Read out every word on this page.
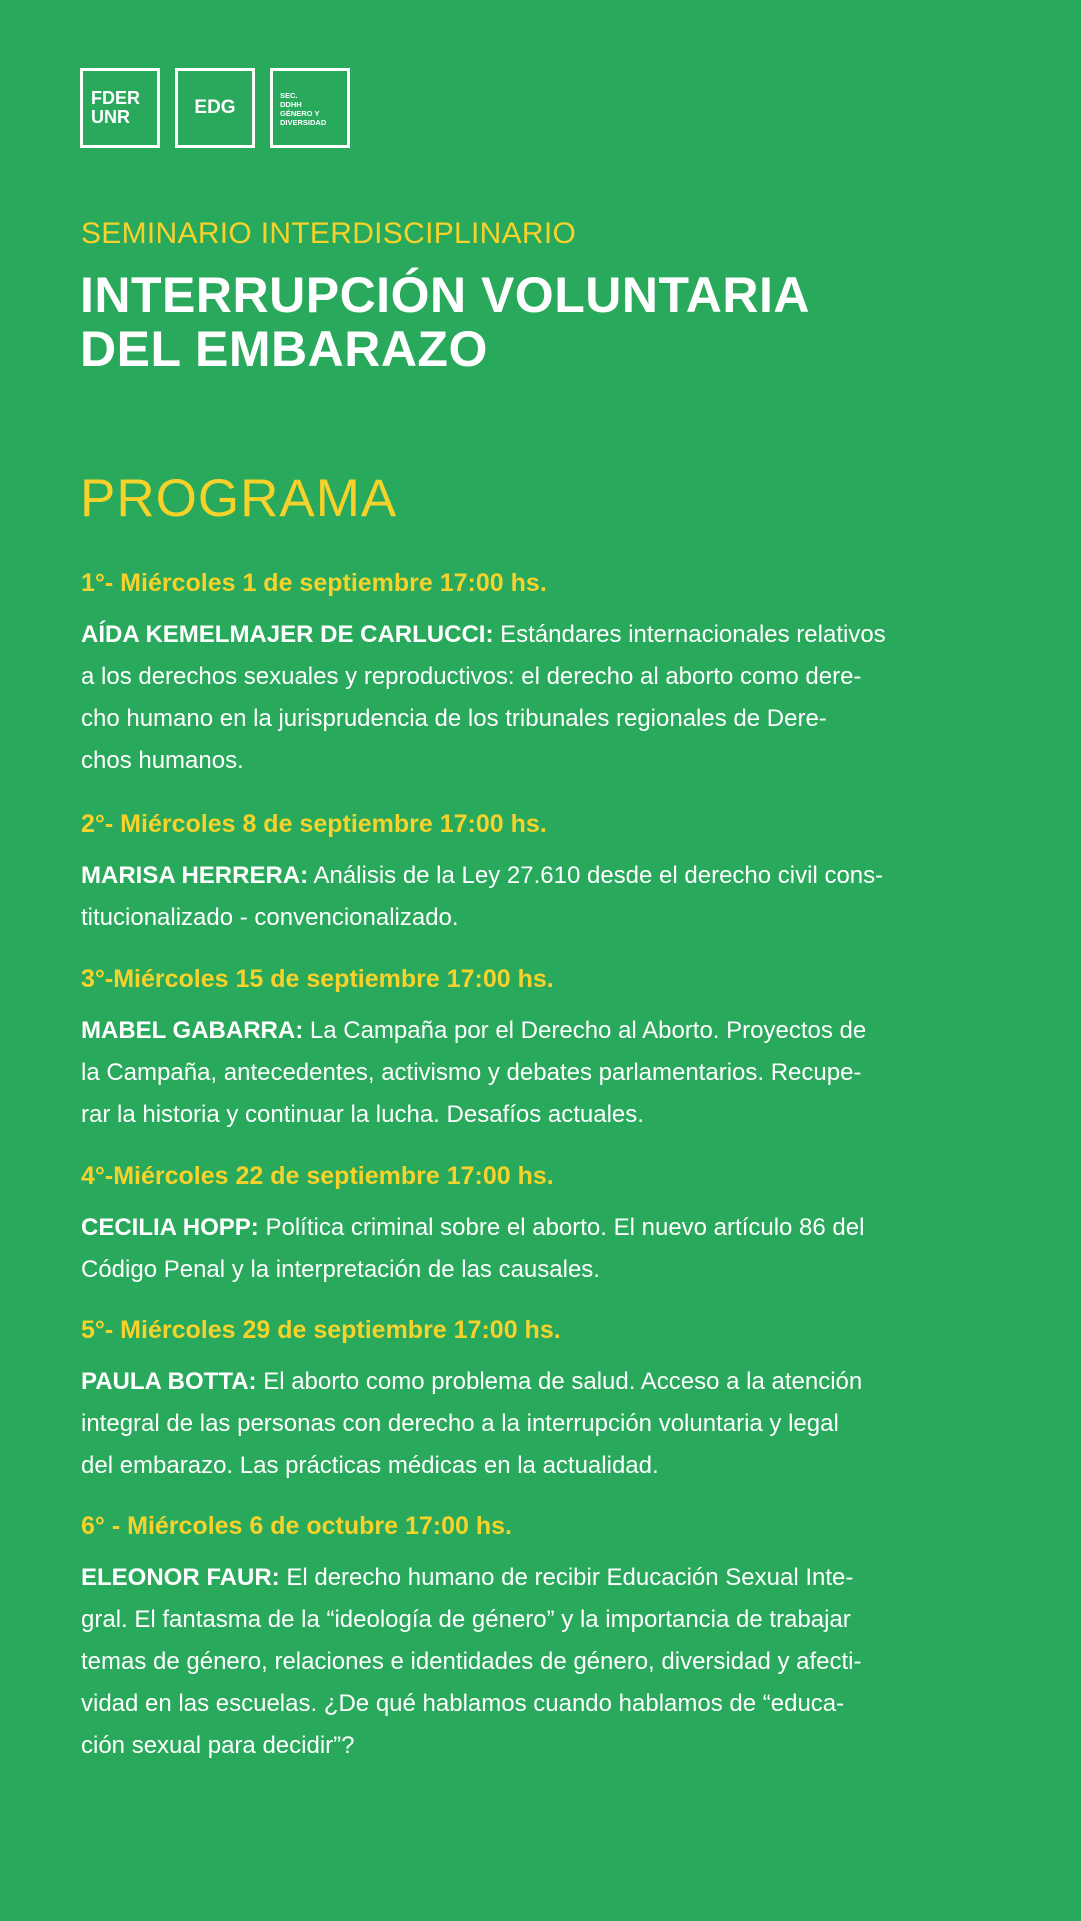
FDER
UNR	EDG
SEC.
DDHH
GÉNERO Y
DIVERSIDAD
SEMINARIO INTERDISCIPLINARIO
INTERRUPCIÓN VOLUNTARIA
DEL EMBARAZO
PROGRAMA
1°- Miércoles 1 de septiembre 17:00 hs.
AÍDA KEMELMAJER DE CARLUCCI: Estándares internacionales relativos
a los derechos sexuales y reproductivos: el derecho al aborto como dere-
cho humano en la jurisprudencia de los tribunales regionales de Dere-
chos humanos.
2°- Miércoles 8 de septiembre 17:00 hs.
MARISA HERRERA: Análisis de la Ley 27.610 desde el derecho civil cons-
titucionalizado - convencionalizado.
3°-Miércoles 15 de septiembre 17:00 hs.
MABEL GABARRA: La Campaña por el Derecho al Aborto. Proyectos de
la Campaña, antecedentes, activismo y debates parlamentarios. Recupe-
rar la historia y continuar la lucha. Desafíos actuales.
4°-Miércoles 22 de septiembre 17:00 hs.
CECILIA HOPP: Política criminal sobre el aborto. El nuevo artículo 86 del
Código Penal y la interpretación de las causales.
5°- Miércoles 29 de septiembre 17:00 hs.
PAULA BOTTA: El aborto como problema de salud. Acceso a la atención
integral de las personas con derecho a la interrupción voluntaria y legal
del embarazo. Las prácticas médicas en la actualidad.
6° - Miércoles 6 de octubre 17:00 hs.
ELEONOR FAUR: El derecho humano de recibir Educación Sexual Inte-
gral. El fantasma de la “ideología de género” y la importancia de trabajar
temas de género, relaciones e identidades de género, diversidad y afecti-
vidad en las escuelas. ¿De qué hablamos cuando hablamos de “educa-
ción sexual para decidir”?
